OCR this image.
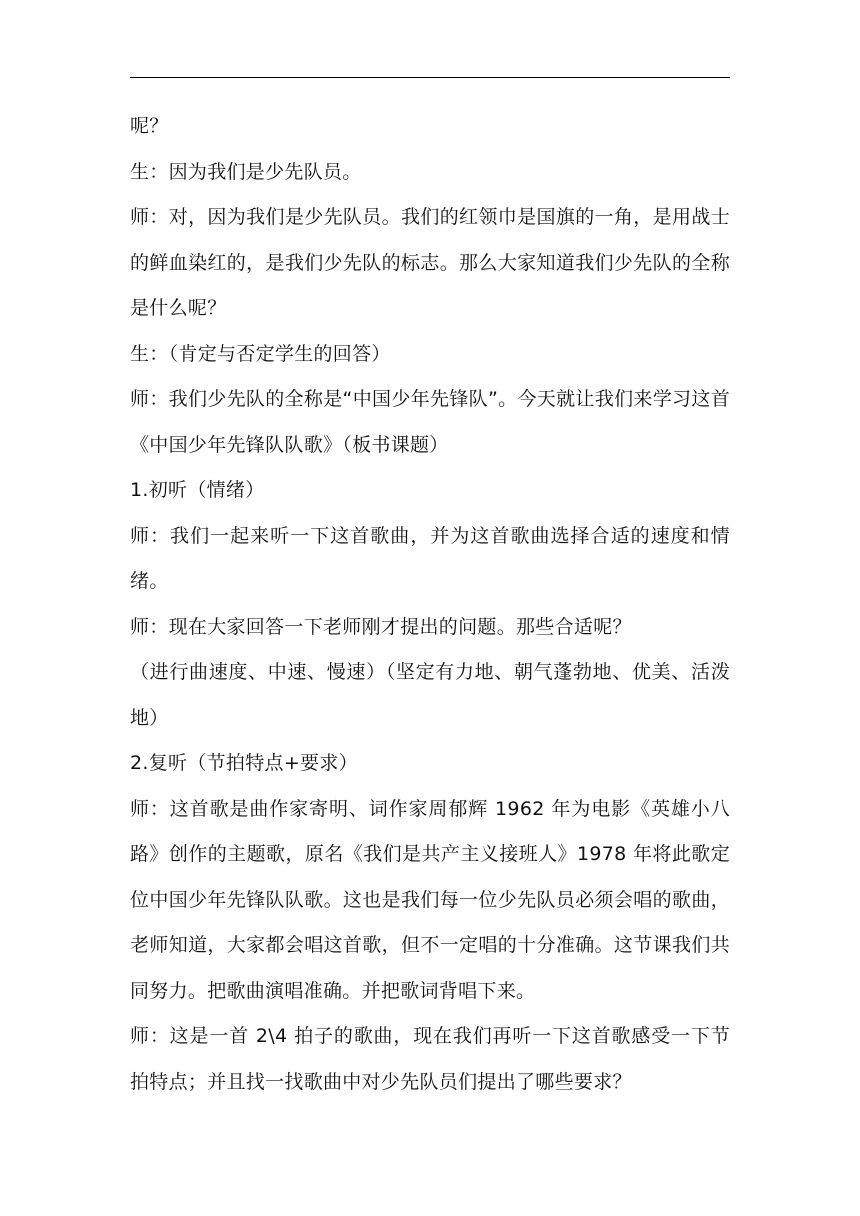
呢？

生：因为我们是少先队员。

师：对，因为我们是少先队员。我们的红领巾是国旗的一角，是用战士的鲜血染红的，是我们少先队的标志。那么大家知道我们少先队的全称是什么呢？

生：（肯定与否定学生的回答）

师：我们少先队的全称是“中国少年先锋队”。今天就让我们来学习这首《中国少年先锋队队歌》（板书课题）

1.初听（情绪）

师：我们一起来听一下这首歌曲，并为这首歌曲选择合适的速度和情绪。

师：现在大家回答一下老师刚才提出的问题。那些合适呢？

（进行曲速度、中速、慢速）（坚定有力地、朝气蓬勃地、优美、活泼地）

2.复听（节拍特点+要求）

师：这首歌是曲作家寄明、词作家周郁辉 1962 年为电影《英雄小八路》创作的主题歌，原名《我们是共产主义接班人》1978 年将此歌定位中国少年先锋队队歌。这也是我们每一位少先队员必须会唱的歌曲，老师知道，大家都会唱这首歌，但不一定唱的十分准确。这节课我们共同努力。把歌曲演唱准确。并把歌词背唱下来。

师：这是一首 2\4 拍子的歌曲，现在我们再听一下这首歌感受一下节拍特点；并且找一找歌曲中对少先队员们提出了哪些要求？
